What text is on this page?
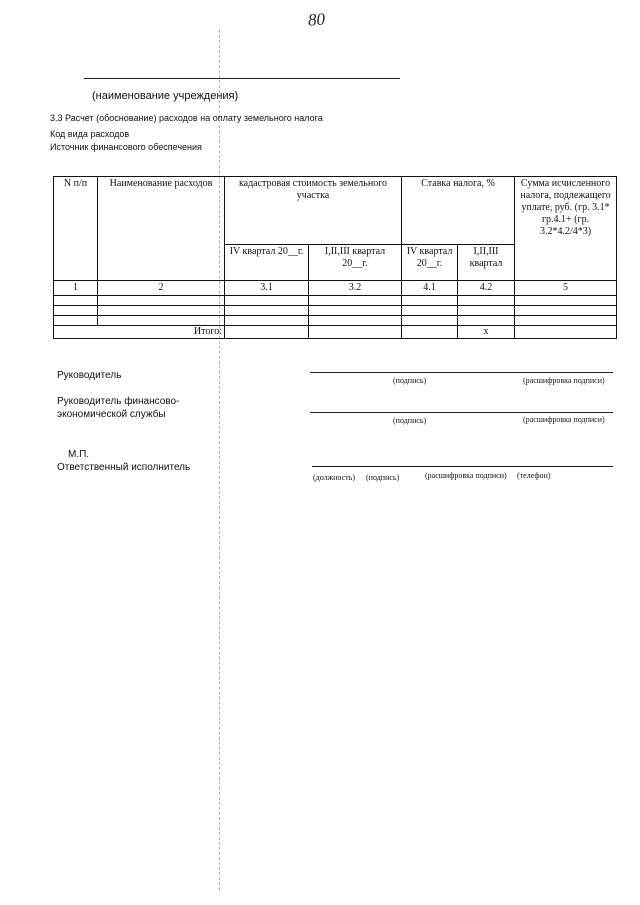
80
(наименование учреждения)
3.3 Расчет (обоснование) расходов на оплату земельного налога
Код вида расходов
Источник финансового обеспечения
N п/п	Наименование расходов	кадастровая стоимость земельного участка		Ставка налога, %		Сумма исчисленного налога, подлежащего уплате, руб. (гр. 3.1* гр.4.1+ (гр. 3.2*4.2/4*3)
		IV квартал 20__г.	I,II,III квартал 20__г.	IV квартал 20__г.	I,II,III квартал	
1	2	3.1	3.2	4.1	4.2	5

Итого:					x	
Руководитель	(подпись)	(расшифровка подписи)
Руководитель финансово-
экономической службы
(подпись)	(расшифровка подписи)
М.П.
Ответственный исполнитель
(должность) (подпись)	(расшифровка подписи) (телефон)
